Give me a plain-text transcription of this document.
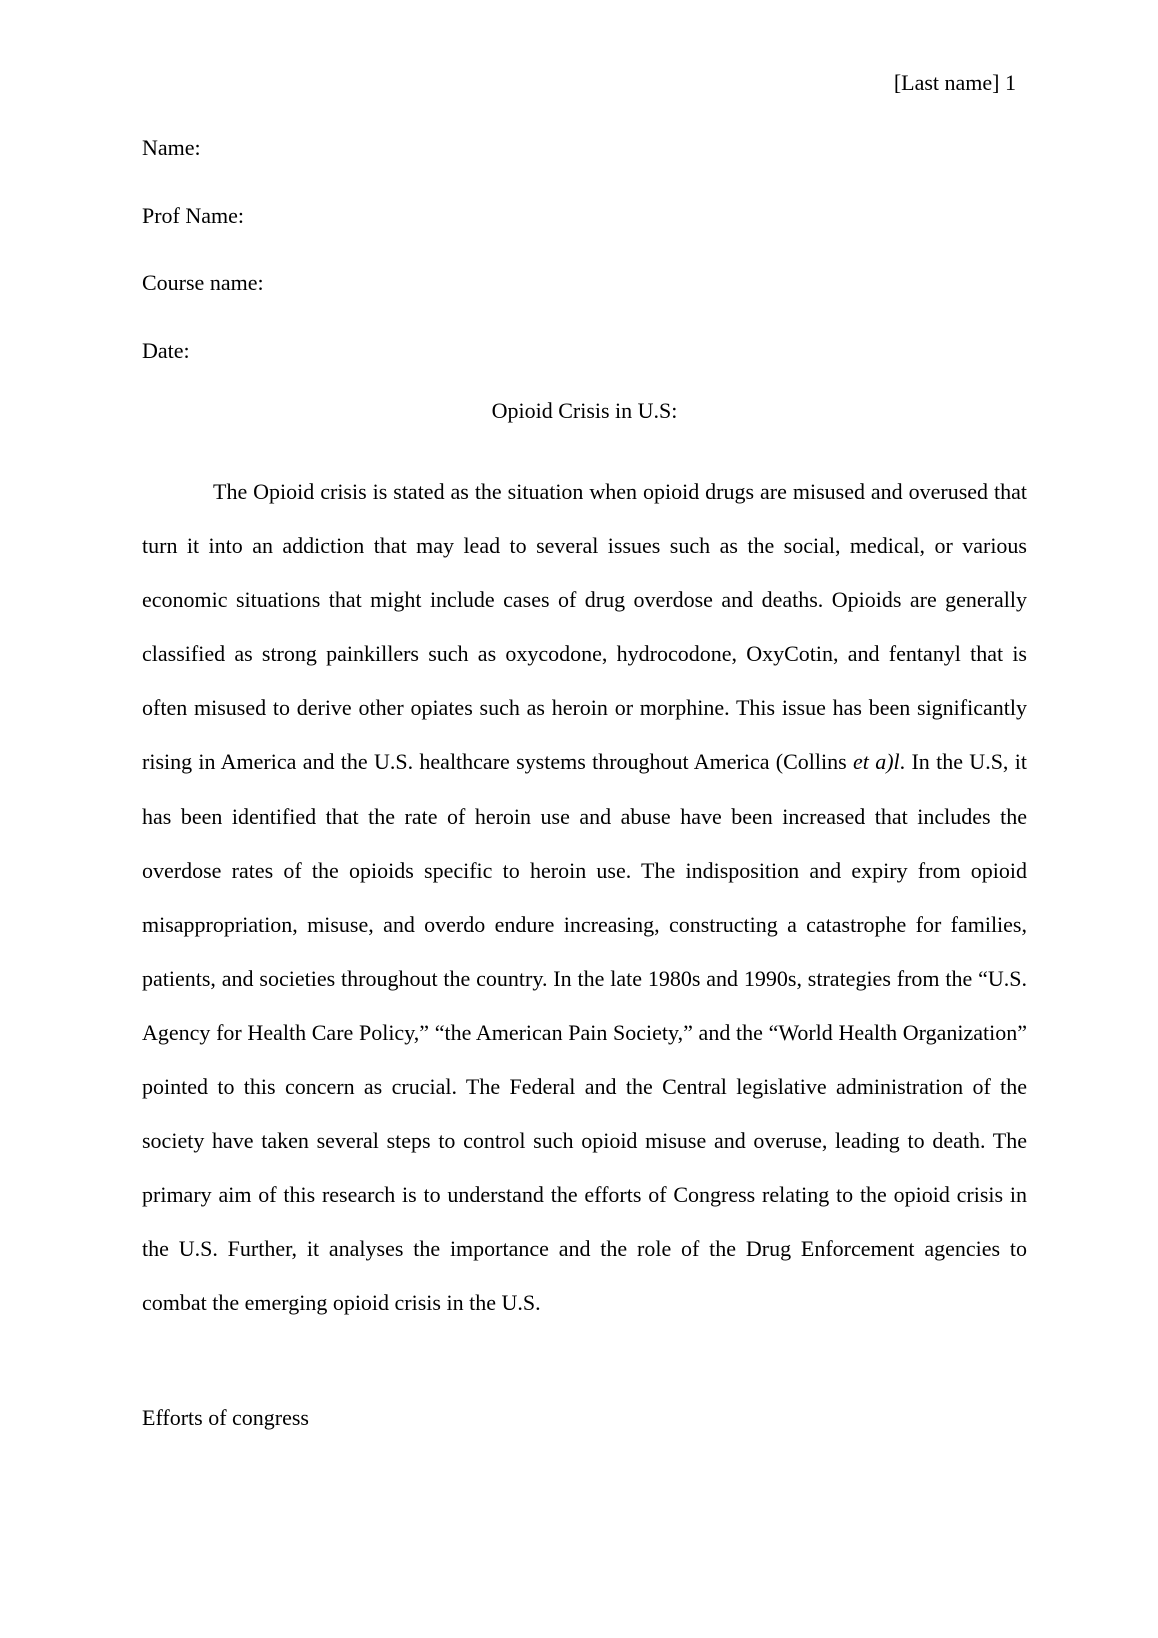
[Last name] 1
Name:
Prof Name:
Course name:
Date:
Opioid Crisis in U.S:

The Opioid crisis is stated as the situation when opioid drugs are misused and overused that turn it into an addiction that may lead to several issues such as the social, medical, or various economic situations that might include cases of drug overdose and deaths. Opioids are generally classified as strong painkillers such as oxycodone, hydrocodone, OxyCotin, and fentanyl that is often misused to derive other opiates such as heroin or morphine. This issue has been significantly rising in America and the U.S. healthcare systems throughout America (Collins et a)l. In the U.S, it has been identified that the rate of heroin use and abuse have been increased that includes the overdose rates of the opioids specific to heroin use. The indisposition and expiry from opioid misappropriation, misuse, and overdo endure increasing, constructing a catastrophe for families, patients, and societies throughout the country. In the late 1980s and 1990s, strategies from the “U.S. Agency for Health Care Policy,” “the American Pain Society,” and the “World Health Organization” pointed to this concern as crucial. The Federal and the Central legislative administration of the society have taken several steps to control such opioid misuse and overuse, leading to death. The primary aim of this research is to understand the efforts of Congress relating to the opioid crisis in the U.S. Further, it analyses the importance and the role of the Drug Enforcement agencies to combat the emerging opioid crisis in the U.S.

Efforts of congress
